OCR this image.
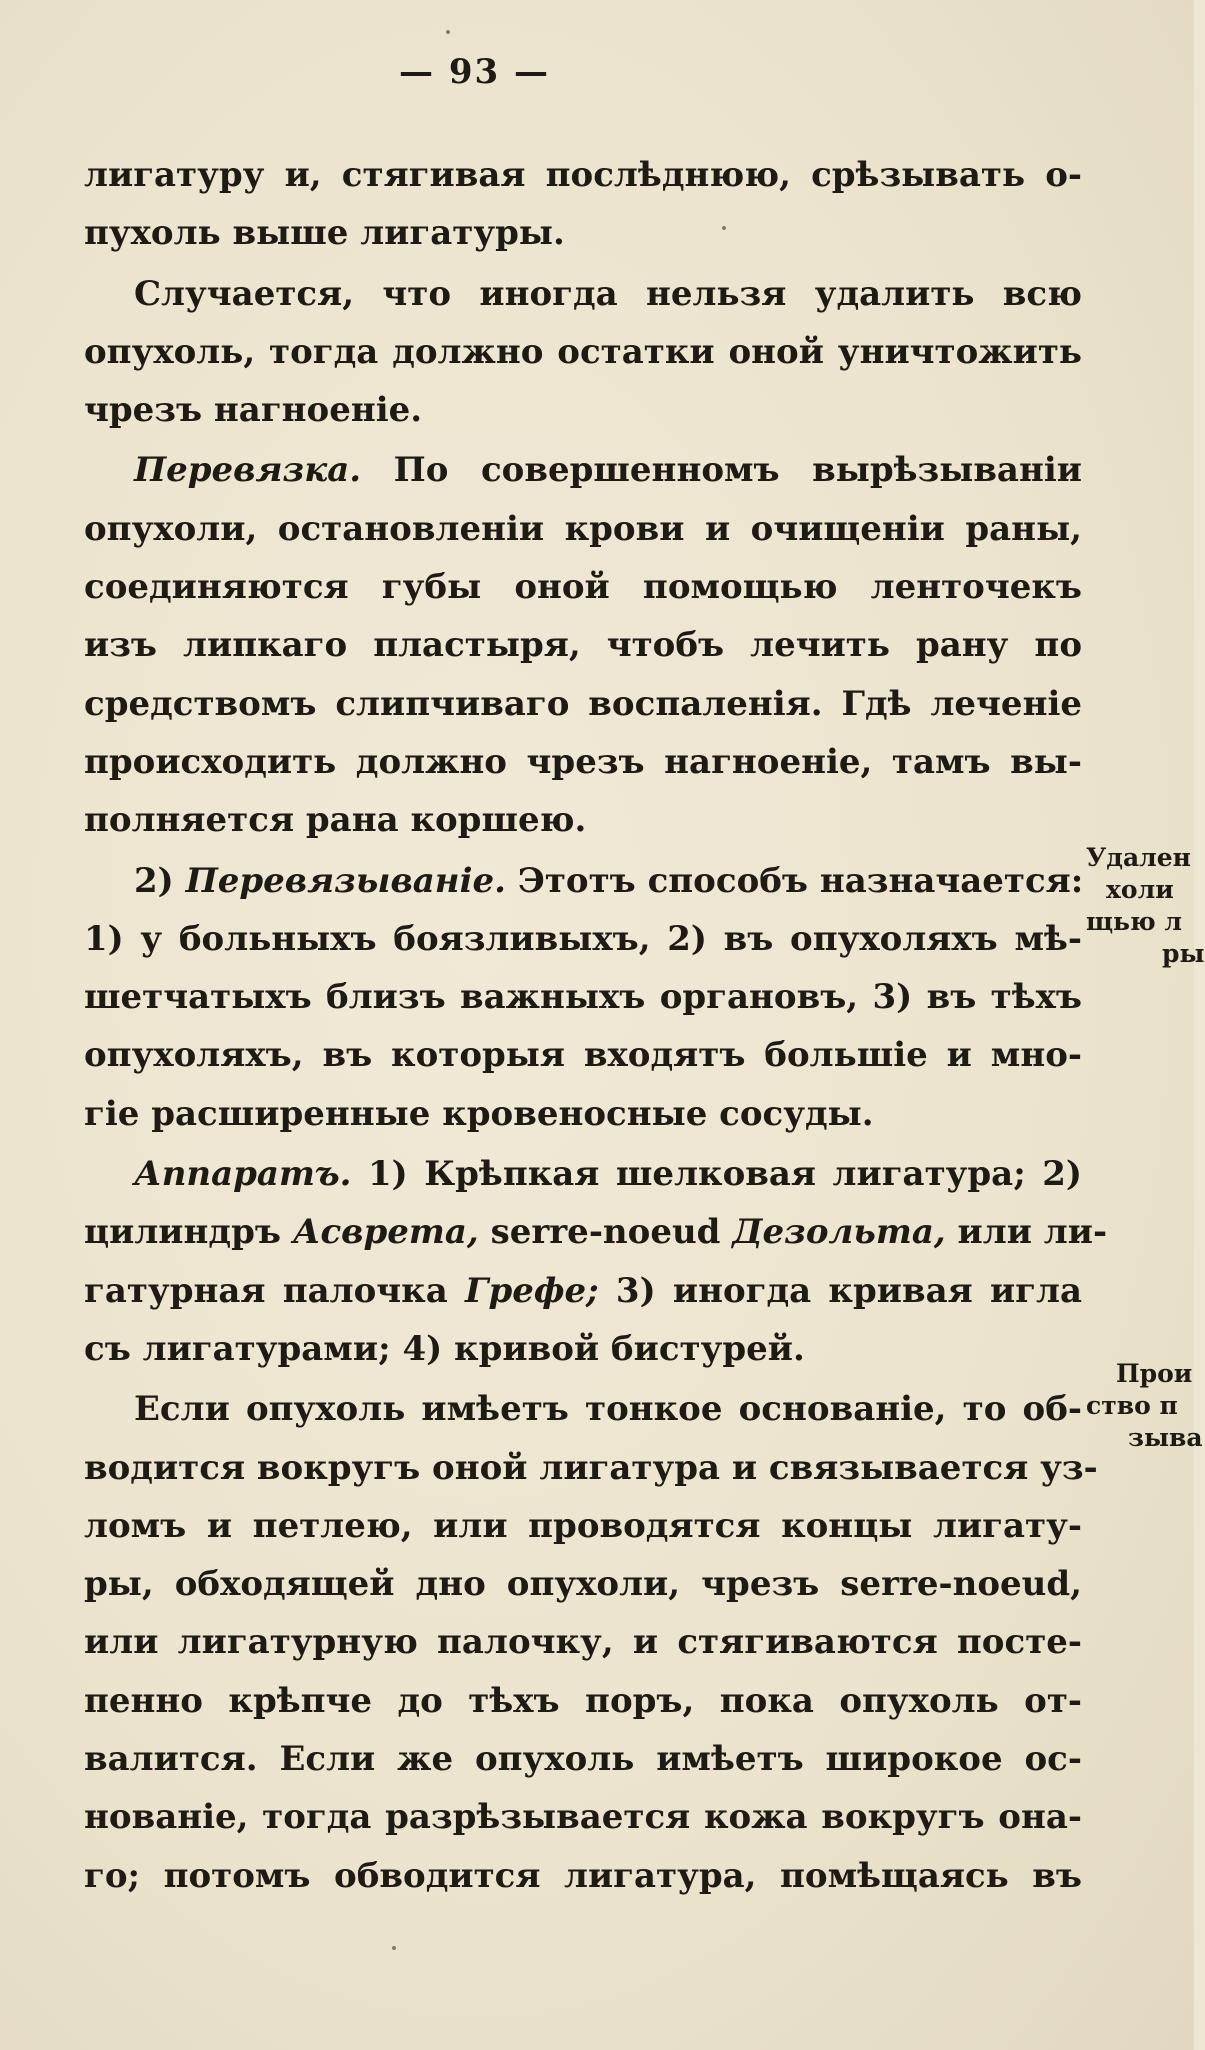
— 93 —
лигатуру и, стягивая послѣднюю, срѣзывать о-
пухоль выше лигатуры.
Случается, что иногда нельзя удалить всю
опухоль, тогда должно остатки оной уничтожить
чрезъ нагноенiе.
Перевязка. По совершенномъ вырѣзыванiи
опухоли, остановленiи крови и очищенiи раны,
соединяются губы оной помощью ленточекъ
изъ липкаго пластыря, чтобъ лечить рану по
средствомъ слипчиваго воспаленiя. Гдѣ леченiе
происходить должно чрезъ нагноенiе, тамъ вы-
полняется рана коршею.
2) Перевязыванiе. Этотъ способъ назначается:
1) у больныхъ боязливыхъ, 2) въ опухоляхъ мѣ-
шетчатыхъ близъ важныхъ органовъ, 3) въ тѣхъ
опухоляхъ, въ которыя входятъ большiе и мно-
гiе расширенные кровеносные сосуды.
Аппаратъ. 1) Крѣпкая шелковая лигатура; 2)
цилиндръ Асврета, serre-noeud Дезольта, или ли-
гатурная палочка Грефе; 3) иногда кривая игла
съ лигатурами; 4) кривой бистурей.
Если опухоль имѣетъ тонкое основанiе, то об-
водится вокругъ оной лигатура и связывается уз-
ломъ и петлею, или проводятся концы лигату-
ры, обходящей дно опухоли, чрезъ serre-noeud,
или лигатурную палочку, и стягиваются посте-
пенно крѣпче до тѣхъ поръ, пока опухоль от-
валится. Если же опухоль имѣетъ широкое ос-
нованiе, тогда разрѣзывается кожа вокругъ она-
го; потомъ обводится лигатура, помѣщаясь въ
Удален
холи
щью л
ры
Прои
ство п
зыва
